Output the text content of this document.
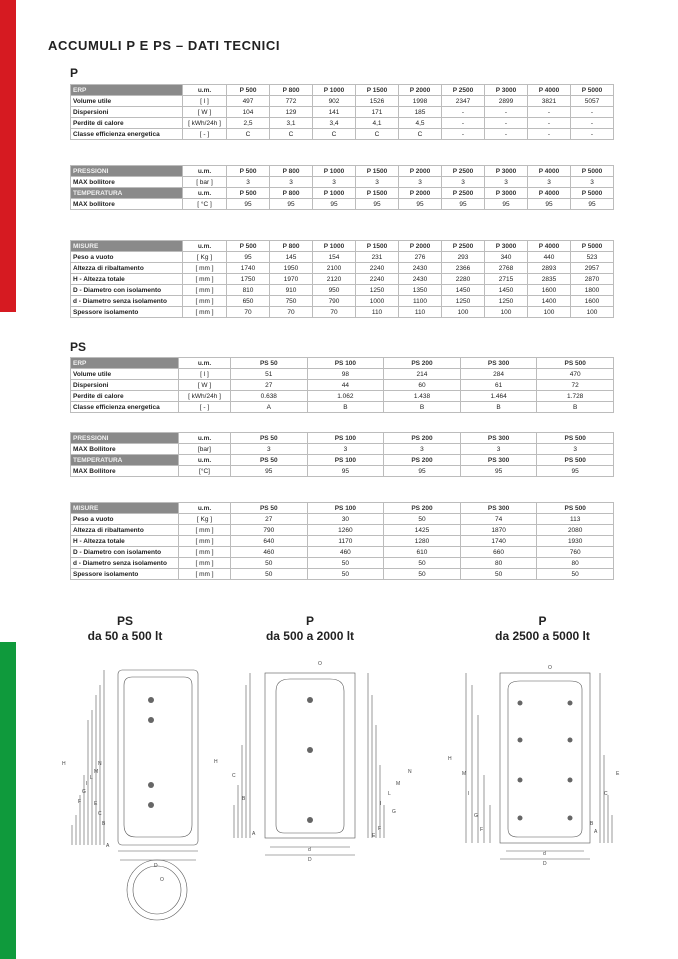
ACCUMULI P E PS – DATI TECNICI
P
ERP	u.m.	P 500	P 800	P 1000	P 1500	P 2000	P 2500	P 3000	P 4000	P 5000
Volume utile	[ l ]	497	772	902	1526	1998	2347	2899	3821	5057
Dispersioni	[ W ]	104	129	141	171	185	-	-	-	-
Perdite di calore	[ kWh/24h ]	2,5	3,1	3,4	4,1	4,5	-	-	-	-
Classe efficienza energetica	[ - ]	C	C	C	C	C	-	-	-	-
PRESSIONI	u.m.	P 500	P 800	P 1000	P 1500	P 2000	P 2500	P 3000	P 4000	P 5000
MAX bollitore	[ bar ]	3	3	3	3	3	3	3	3	3
TEMPERATURA	u.m.	P 500	P 800	P 1000	P 1500	P 2000	P 2500	P 3000	P 4000	P 5000
MAX bollitore	[ °C ]	95	95	95	95	95	95	95	95	95
MISURE	u.m.	P 500	P 800	P 1000	P 1500	P 2000	P 2500	P 3000	P 4000	P 5000
Peso a vuoto	[ Kg ]	95	145	154	231	276	293	340	440	523
Altezza di ribaltamento	[ mm ]	1740	1950	2100	2240	2430	2366	2768	2893	2957
H - Altezza totale	[ mm ]	1750	1970	2120	2240	2430	2280	2715	2835	2870
D - Diametro con isolamento	[ mm ]	810	910	950	1250	1350	1450	1450	1600	1800
d - Diametro senza isolamento	[ mm ]	650	750	790	1000	1100	1250	1250	1400	1600
Spessore isolamento	[ mm ]	70	70	70	110	110	100	100	100	100
PS
ERP	u.m.	PS 50	PS 100	PS 200	PS 300	PS 500
Volume utile	[ l ]	51	98	214	284	470
Dispersioni	[ W ]	27	44	60	61	72
Perdite di calore	[ kWh/24h ]	0.638	1.062	1.438	1.464	1.728
Classe efficienza energetica	[ - ]	A	B	B	B	B
PRESSIONI	u.m.	PS 50	PS 100	PS 200	PS 300	PS 500
MAX Bollitore	[bar]	3	3	3	3	3
TEMPERATURA	u.m.	PS 50	PS 100	PS 200	PS 300	PS 500
MAX Bollitore	[°C]	95	95	95	95	95
MISURE	u.m.	PS 50	PS 100	PS 200	PS 300	PS 500
Peso a vuoto	[ Kg ]	27	30	50	74	113
Altezza di ribaltamento	[ mm ]	790	1260	1425	1870	2080
H - Altezza totale	[ mm ]	640	1170	1280	1740	1930
D - Diametro con isolamento	[ mm ]	460	460	610	660	760
d - Diametro senza isolamento	[ mm ]	50	50	50	80	80
Spessore isolamento	[ mm ]	50	50	50	50	50
PS
da 50 a 500 lt
P
da 500 a 2000 lt
P
da 2500 a 5000 lt
H	N
M
L
I
G
F	E
C
B
A
D
O
H
N
M
L
I
G
F
E
C
B
A
D
d
O
H
M
I
G
F	A
B
C
E
D
d
O
